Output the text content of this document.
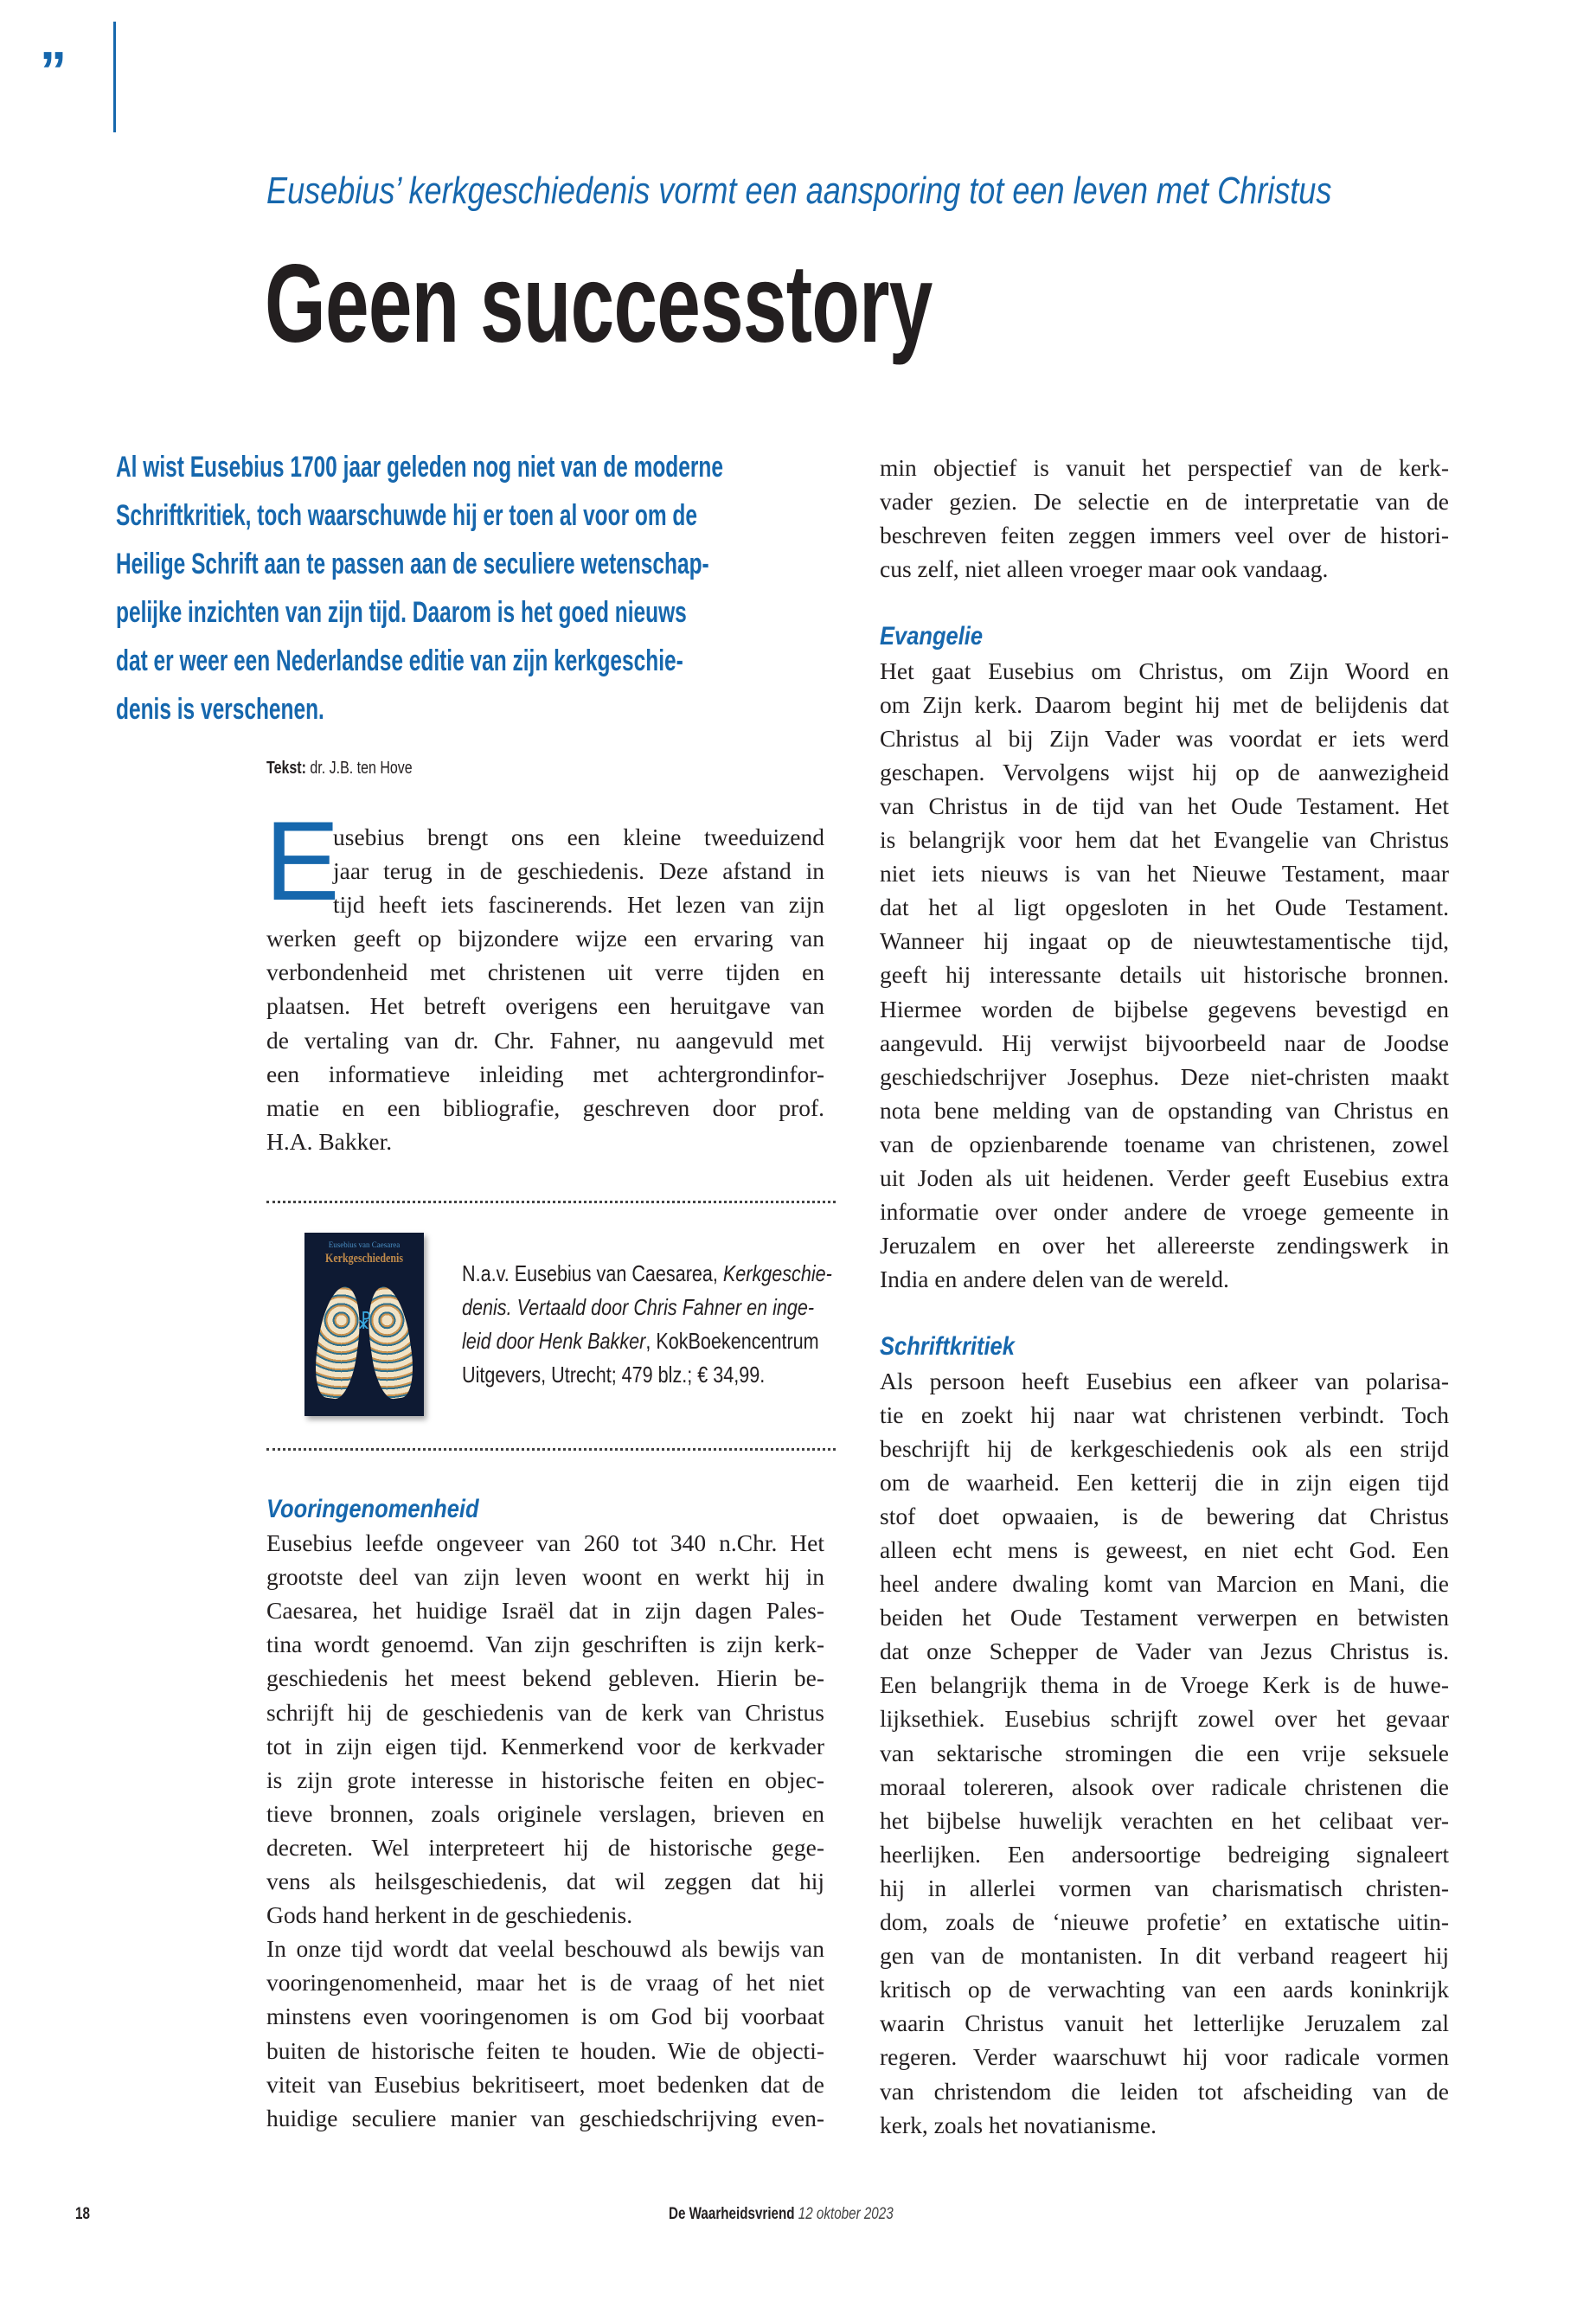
”
Eusebius’ kerkgeschiedenis vormt een aansporing tot een leven met Christus
Geen successtory
Al wist Eusebius 1700 jaar geleden nog niet van de moderne
Schriftkritiek, toch waarschuwde hij er toen al voor om de
Heilige Schrift aan te passen aan de seculiere wetenschap-
pelijke inzichten van zijn tijd. Daarom is het goed nieuws
dat er weer een Nederlandse editie van zijn kerkgeschie-
denis is verschenen.
Tekst: dr. J.B. ten Hove
E
usebius brengt ons een kleine tweeduizend
jaar terug in de geschiedenis. Deze afstand in
tijd heeft iets fascinerends. Het lezen van zijn
werken geeft op bijzondere wijze een ervaring van
verbondenheid met christenen uit verre tijden en
plaatsen. Het betreft overigens een heruitgave van
de vertaling van dr. Chr. Fahner, nu aangevuld met
een informatieve inleiding met achtergrondinfor-
matie en een bibliografie, geschreven door prof.
H.A. Bakker.
Eusebius van Caesarea
Kerkgeschiedenis
☧
N.a.v. Eusebius van Caesarea, Kerkgeschie-
denis. Vertaald door Chris Fahner en inge-
leid door Henk Bakker, KokBoekencentrum
Uitgevers, Utrecht; 479 blz.; € 34,99.
Vooringenomenheid
Eusebius leefde ongeveer van 260 tot 340 n.Chr. Het
grootste deel van zijn leven woont en werkt hij in
Caesarea, het huidige Israël dat in zijn dagen Pales-
tina wordt genoemd. Van zijn geschriften is zijn kerk-
geschiedenis het meest bekend gebleven. Hierin be-
schrijft hij de geschiedenis van de kerk van Christus
tot in zijn eigen tijd. Kenmerkend voor de kerkvader
is zijn grote interesse in historische feiten en objec-
tieve bronnen, zoals originele verslagen, brieven en
decreten. Wel interpreteert hij de historische gege-
vens als heilsgeschiedenis, dat wil zeggen dat hij
Gods hand herkent in de geschiedenis.
In onze tijd wordt dat veelal beschouwd als bewijs van
vooringenomenheid, maar het is de vraag of het niet
minstens even vooringenomen is om God bij voorbaat
buiten de historische feiten te houden. Wie de objecti-
viteit van Eusebius bekritiseert, moet bedenken dat de
huidige seculiere manier van geschiedschrijving even-
min objectief is vanuit het perspectief van de kerk-
vader gezien. De selectie en de interpretatie van de
beschreven feiten zeggen immers veel over de histori-
cus zelf, niet alleen vroeger maar ook vandaag.
Evangelie
Het gaat Eusebius om Christus, om Zijn Woord en
om Zijn kerk. Daarom begint hij met de belijdenis dat
Christus al bij Zijn Vader was voordat er iets werd
geschapen. Vervolgens wijst hij op de aanwezigheid
van Christus in de tijd van het Oude Testament. Het
is belangrijk voor hem dat het Evangelie van Christus
niet iets nieuws is van het Nieuwe Testament, maar
dat het al ligt opgesloten in het Oude Testament.
Wanneer hij ingaat op de nieuwtestamentische tijd,
geeft hij interessante details uit historische bronnen.
Hiermee worden de bijbelse gegevens bevestigd en
aangevuld. Hij verwijst bijvoorbeeld naar de Joodse
geschiedschrijver Josephus. Deze niet-christen maakt
nota bene melding van de opstanding van Christus en
van de opzienbarende toename van christenen, zowel
uit Joden als uit heidenen. Verder geeft Eusebius extra
informatie over onder andere de vroege gemeente in
Jeruzalem en over het allereerste zendingswerk in
India en andere delen van de wereld.
Schriftkritiek
Als persoon heeft Eusebius een afkeer van polarisa-
tie en zoekt hij naar wat christenen verbindt. Toch
beschrijft hij de kerkgeschiedenis ook als een strijd
om de waarheid. Een ketterij die in zijn eigen tijd
stof doet opwaaien, is de bewering dat Christus
alleen echt mens is geweest, en niet echt God. Een
heel andere dwaling komt van Marcion en Mani, die
beiden het Oude Testament verwerpen en betwisten
dat onze Schepper de Vader van Jezus Christus is.
Een belangrijk thema in de Vroege Kerk is de huwe-
lijksethiek. Eusebius schrijft zowel over het gevaar
van sektarische stromingen die een vrije seksuele
moraal tolereren, alsook over radicale christenen die
het bijbelse huwelijk verachten en het celibaat ver-
heerlijken. Een andersoortige bedreiging signaleert
hij in allerlei vormen van charismatisch christen-
dom, zoals de ‘nieuwe profetie’ en extatische uitin-
gen van de montanisten. In dit verband reageert hij
kritisch op de verwachting van een aards koninkrijk
waarin Christus vanuit het letterlijke Jeruzalem zal
regeren. Verder waarschuwt hij voor radicale vormen
van christendom die leiden tot afscheiding van de
kerk, zoals het novatianisme.
18	De Waarheidsvriend 12 oktober 2023
